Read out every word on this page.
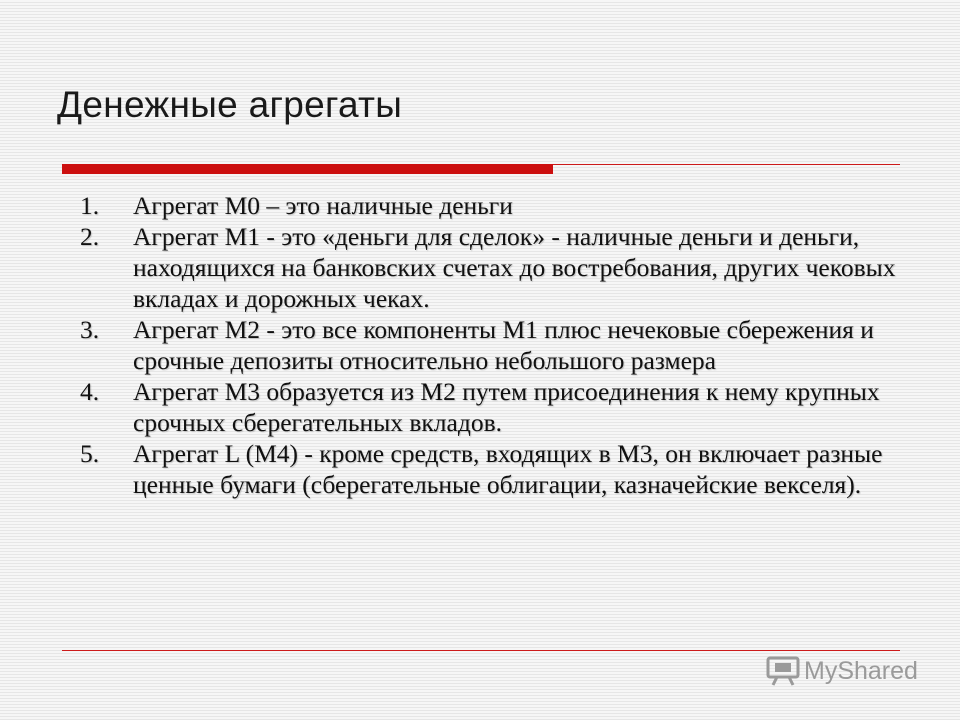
Денежные агрегаты
1.	Агрегат М0 – это наличные деньги
2.	Агрегат М1 - это «деньги для сделок» - наличные деньги и деньги, находящихся на банковских счетах до востребования, других чековых вкладах и дорожных чеках.
3.	Агрегат М2 - это все компоненты М1 плюс нечековые сбережения и срочные депозиты относительно небольшого размера
4.	Агрегат М3 образуется из М2 путем присоединения к нему крупных срочных сберегательных вкладов.
5.	Агрегат L (М4) - кроме средств, входящих в М3, он включает разные ценные бумаги (сберегательные облигации, казначейские векселя).
MyShared
